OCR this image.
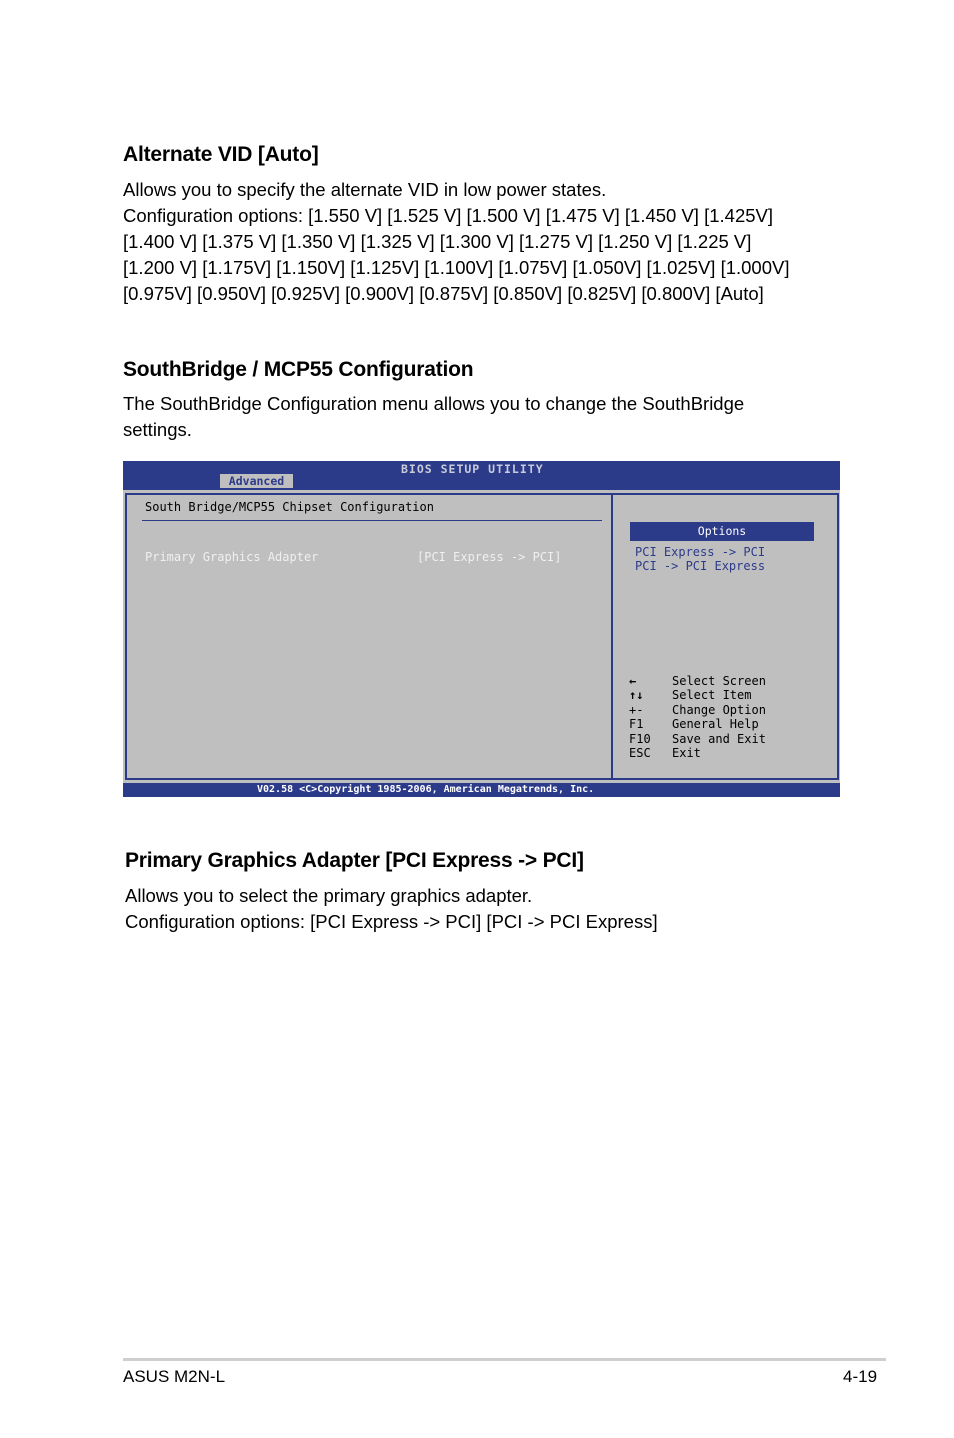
Alternate VID [Auto]
Allows you to specify the alternate VID in low power states.
Configuration options: [1.550 V] [1.525 V] [1.500 V] [1.475 V] [1.450 V] [1.425V]
[1.400 V] [1.375 V] [1.350 V] [1.325 V] [1.300 V] [1.275 V] [1.250 V] [1.225 V]
[1.200 V] [1.175V] [1.150V] [1.125V] [1.100V] [1.075V] [1.050V] [1.025V] [1.000V]
[0.975V] [0.950V] [0.925V] [0.900V] [0.875V] [0.850V] [0.825V] [0.800V] [Auto]
SouthBridge / MCP55 Configuration
The SouthBridge Configuration menu allows you to change the SouthBridge
settings.
BIOS SETUP UTILITY
Advanced
South Bridge/MCP55 Chipset Configuration
Primary Graphics Adapter	[PCI Express -> PCI]
Options
PCI Express -> PCI
PCI -> PCI Express
←	Select Screen
↑↓ Select Item
+- Change Option
F1 General Help
F10 Save and Exit
ESC Exit
V02.58 <C>Copyright 1985-2006, American Megatrends, Inc.
Primary Graphics Adapter [PCI Express -> PCI]
Allows you to select the primary graphics adapter.
Configuration options: [PCI Express -> PCI] [PCI -> PCI Express]
ASUS M2N-L	4-19
